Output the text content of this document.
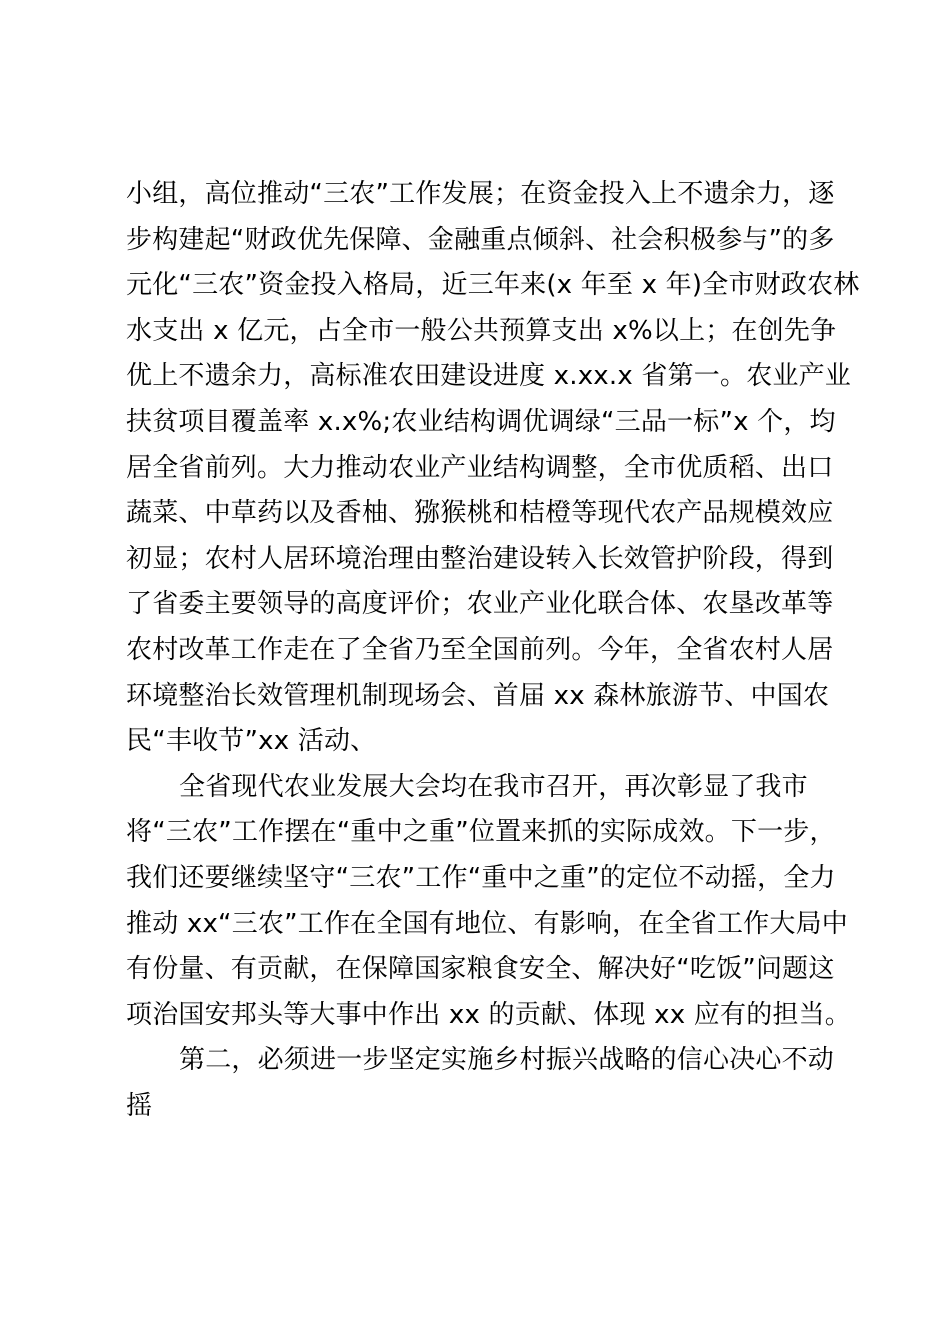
小组，高位推动“三农”工作发展；在资金投入上不遗余力，逐
步构建起“财政优先保障、金融重点倾斜、社会积极参与”的多
元化“三农”资金投入格局，近三年来(x 年至 x 年)全市财政农林
水支出 x 亿元，占全市一般公共预算支出 x%以上；在创先争
优上不遗余力，高标准农田建设进度 x.xx.x 省第一。农业产业
扶贫项目覆盖率 x.x%;农业结构调优调绿“三品一标”x 个，均
居全省前列。大力推动农业产业结构调整，全市优质稻、出口
蔬菜、中草药以及香柚、猕猴桃和桔橙等现代农产品规模效应
初显；农村人居环境治理由整治建设转入长效管护阶段，得到
了省委主要领导的高度评价；农业产业化联合体、农垦改革等
农村改革工作走在了全省乃至全国前列。今年，全省农村人居
环境整治长效管理机制现场会、首届 xx 森林旅游节、中国农
民“丰收节”xx 活动、
全省现代农业发展大会均在我市召开，再次彰显了我市
将“三农”工作摆在“重中之重”位置来抓的实际成效。下一步，
我们还要继续坚守“三农”工作“重中之重”的定位不动摇，全力
推动 xx“三农”工作在全国有地位、有影响，在全省工作大局中
有份量、有贡献，在保障国家粮食安全、解决好“吃饭”问题这
项治国安邦头等大事中作出 xx 的贡献、体现 xx 应有的担当。
第二，必须进一步坚定实施乡村振兴战略的信心决心不动
摇
